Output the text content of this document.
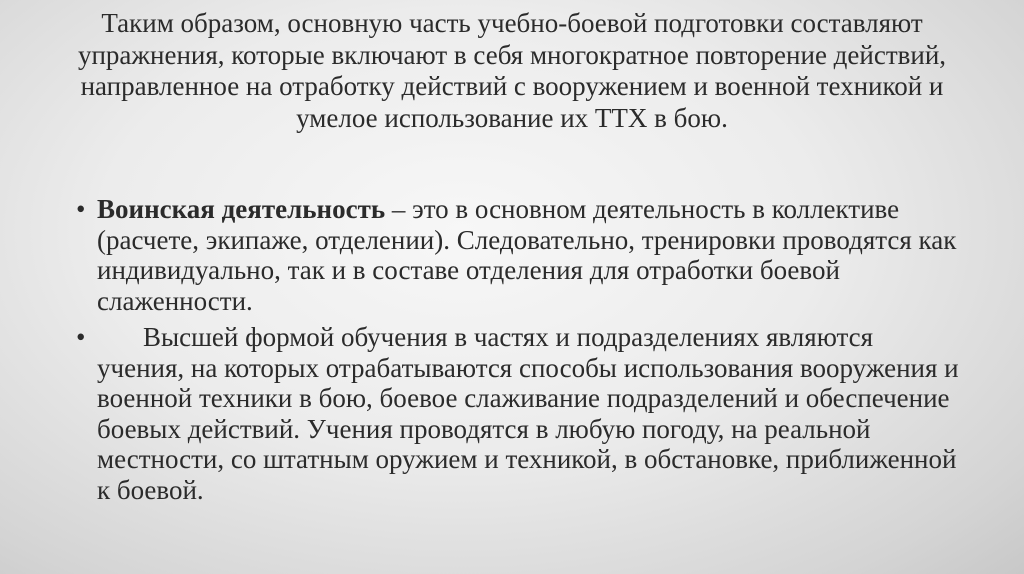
Таким образом, основную часть учебно-боевой подготовки составляют упражнения, которые включают в себя многократное повторение действий, направленное на отработку действий с вооружением и военной техникой и умелое использование их ТТХ в бою.

• Воинская деятельность – это в основном деятельность в коллективе (расчете, экипаже, отделении). Следовательно, тренировки проводятся как индивидуально, так и в составе отделения для отработки боевой слаженности.
• Высшей формой обучения в частях и подразделениях являются учения, на которых отрабатываются способы использования вооружения и военной техники в бою, боевое слаживание подразделений и обеспечение боевых действий. Учения проводятся в любую погоду, на реальной местности, со штатным оружием и техникой, в обстановке, приближенной к боевой.
